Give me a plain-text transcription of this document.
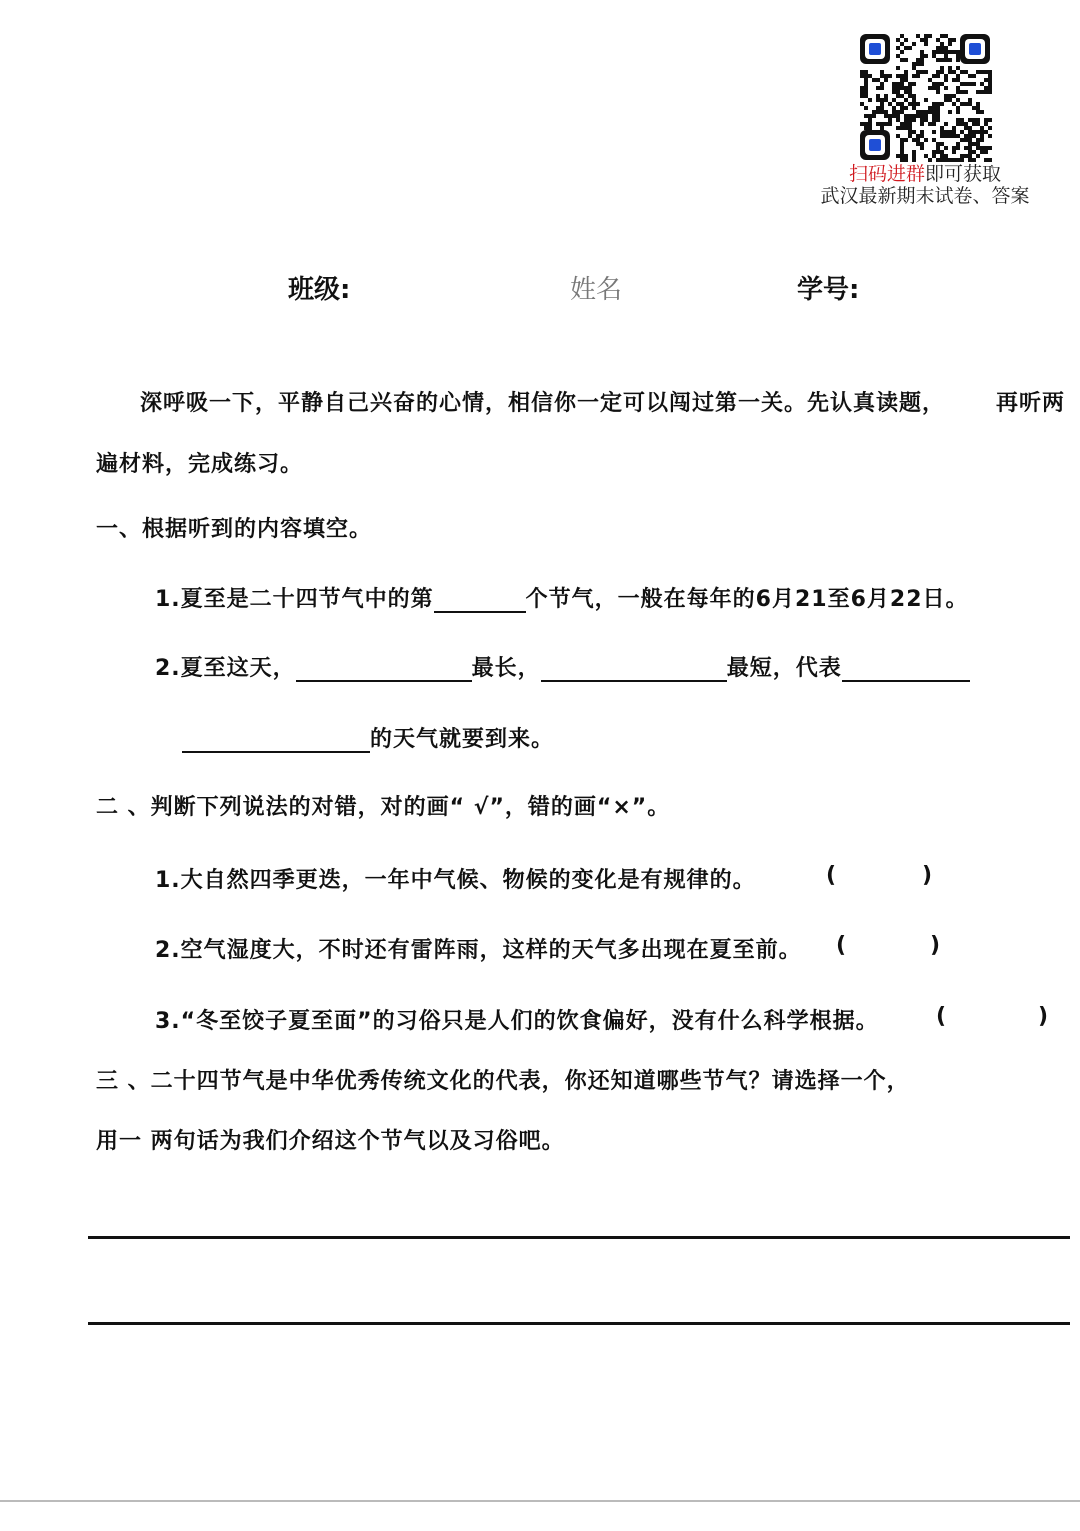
扫码进群即可获取
武汉最新期末试卷、答案
班级:	姓名	学号:
深呼吸一下，平静自己兴奋的心情，相信你一定可以闯过第一关。先认真读题， 再听两
遍材料，完成练习。
一、根据听到的内容填空。
1.夏至是二十四节气中的第	个节气，一般在每年的6月21至6月22日。
2.夏至这天，	最长，	最短，代表
的天气就要到来。
二 、判断下列说法的对错，对的画“ √”，错的画“×”。
1.大自然四季更迭，一年中气候、物候的变化是有规律的。	(	)
2.空气湿度大，不时还有雷阵雨，这样的天气多出现在夏至前。 (	)
3.“冬至饺子夏至面”的习俗只是人们的饮食偏好，没有什么科学根据。	(	)
三 、二十四节气是中华优秀传统文化的代表，你还知道哪些节气？请选择一个，
用一 两句话为我们介绍这个节气以及习俗吧。
